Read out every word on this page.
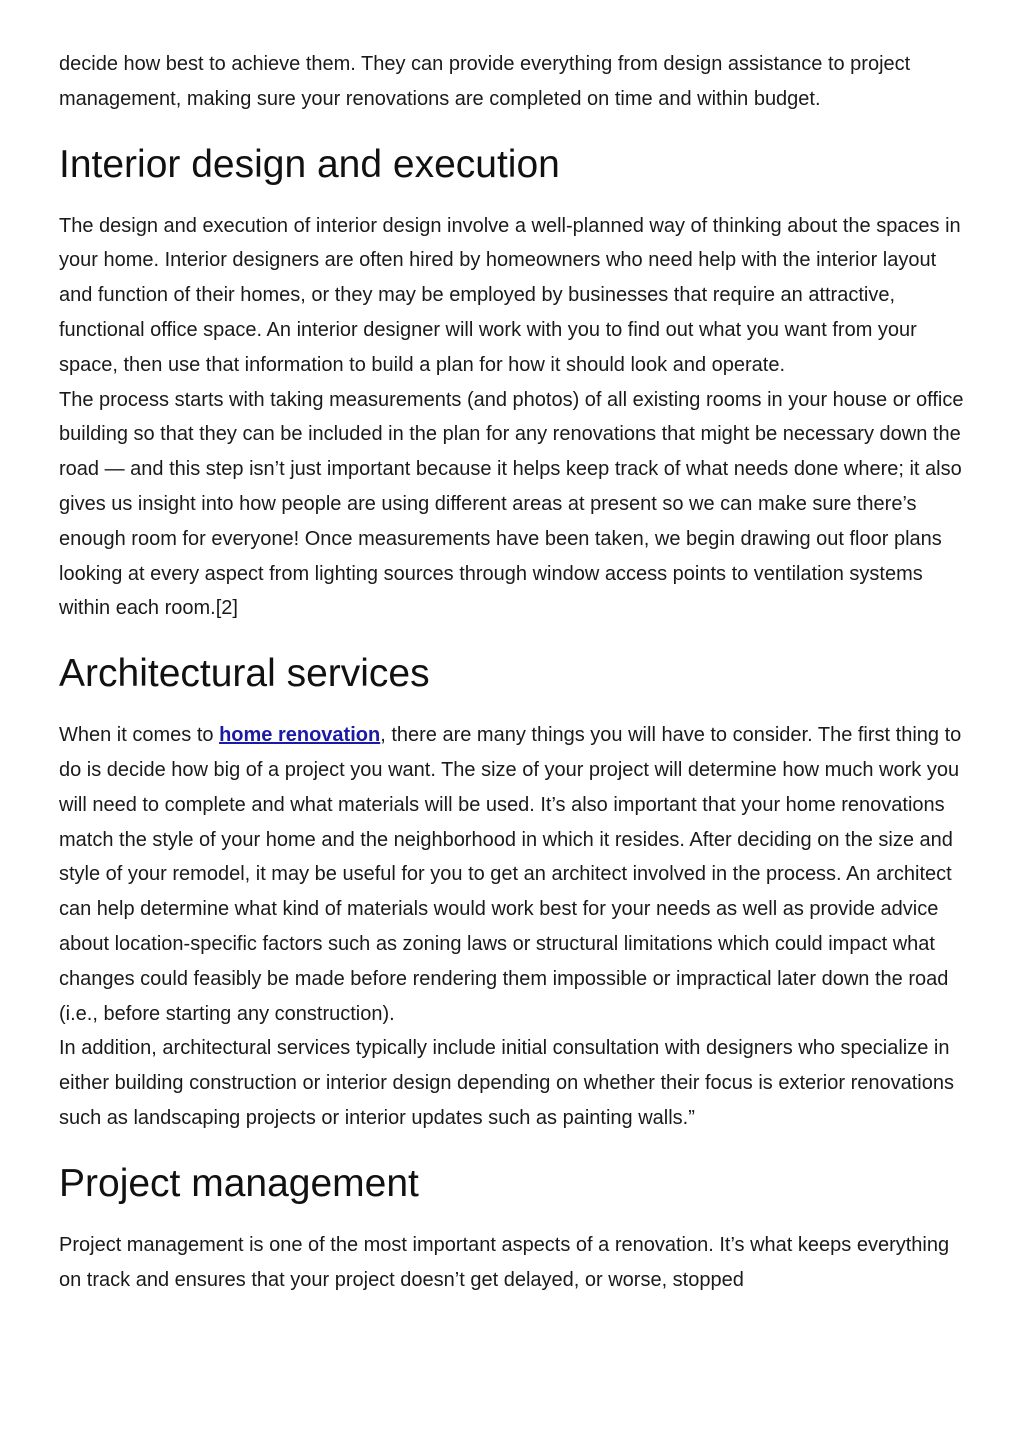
decide how best to achieve them. They can provide everything from design assistance to project management, making sure your renovations are completed on time and within budget.

Interior design and execution

The design and execution of interior design involve a well-planned way of thinking about the spaces in your home. Interior designers are often hired by homeowners who need help with the interior layout and function of their homes, or they may be employed by businesses that require an attractive, functional office space. An interior designer will work with you to find out what you want from your space, then use that information to build a plan for how it should look and operate.

The process starts with taking measurements (and photos) of all existing rooms in your house or office building so that they can be included in the plan for any renovations that might be necessary down the road — and this step isn’t just important because it helps keep track of what needs done where; it also gives us insight into how people are using different areas at present so we can make sure there’s enough room for everyone! Once measurements have been taken, we begin drawing out floor plans looking at every aspect from lighting sources through window access points to ventilation systems within each room.[2]

Architectural services

When it comes to home renovation, there are many things you will have to consider. The first thing to do is decide how big of a project you want. The size of your project will determine how much work you will need to complete and what materials will be used. It’s also important that your home renovations match the style of your home and the neighborhood in which it resides. After deciding on the size and style of your remodel, it may be useful for you to get an architect involved in the process. An architect can help determine what kind of materials would work best for your needs as well as provide advice about location-specific factors such as zoning laws or structural limitations which could impact what changes could feasibly be made before rendering them impossible or impractical later down the road (i.e., before starting any construction).

In addition, architectural services typically include initial consultation with designers who specialize in either building construction or interior design depending on whether their focus is exterior renovations such as landscaping projects or interior updates such as painting walls.”

Project management

Project management is one of the most important aspects of a renovation. It’s what keeps everything on track and ensures that your project doesn’t get delayed, or worse, stopped
